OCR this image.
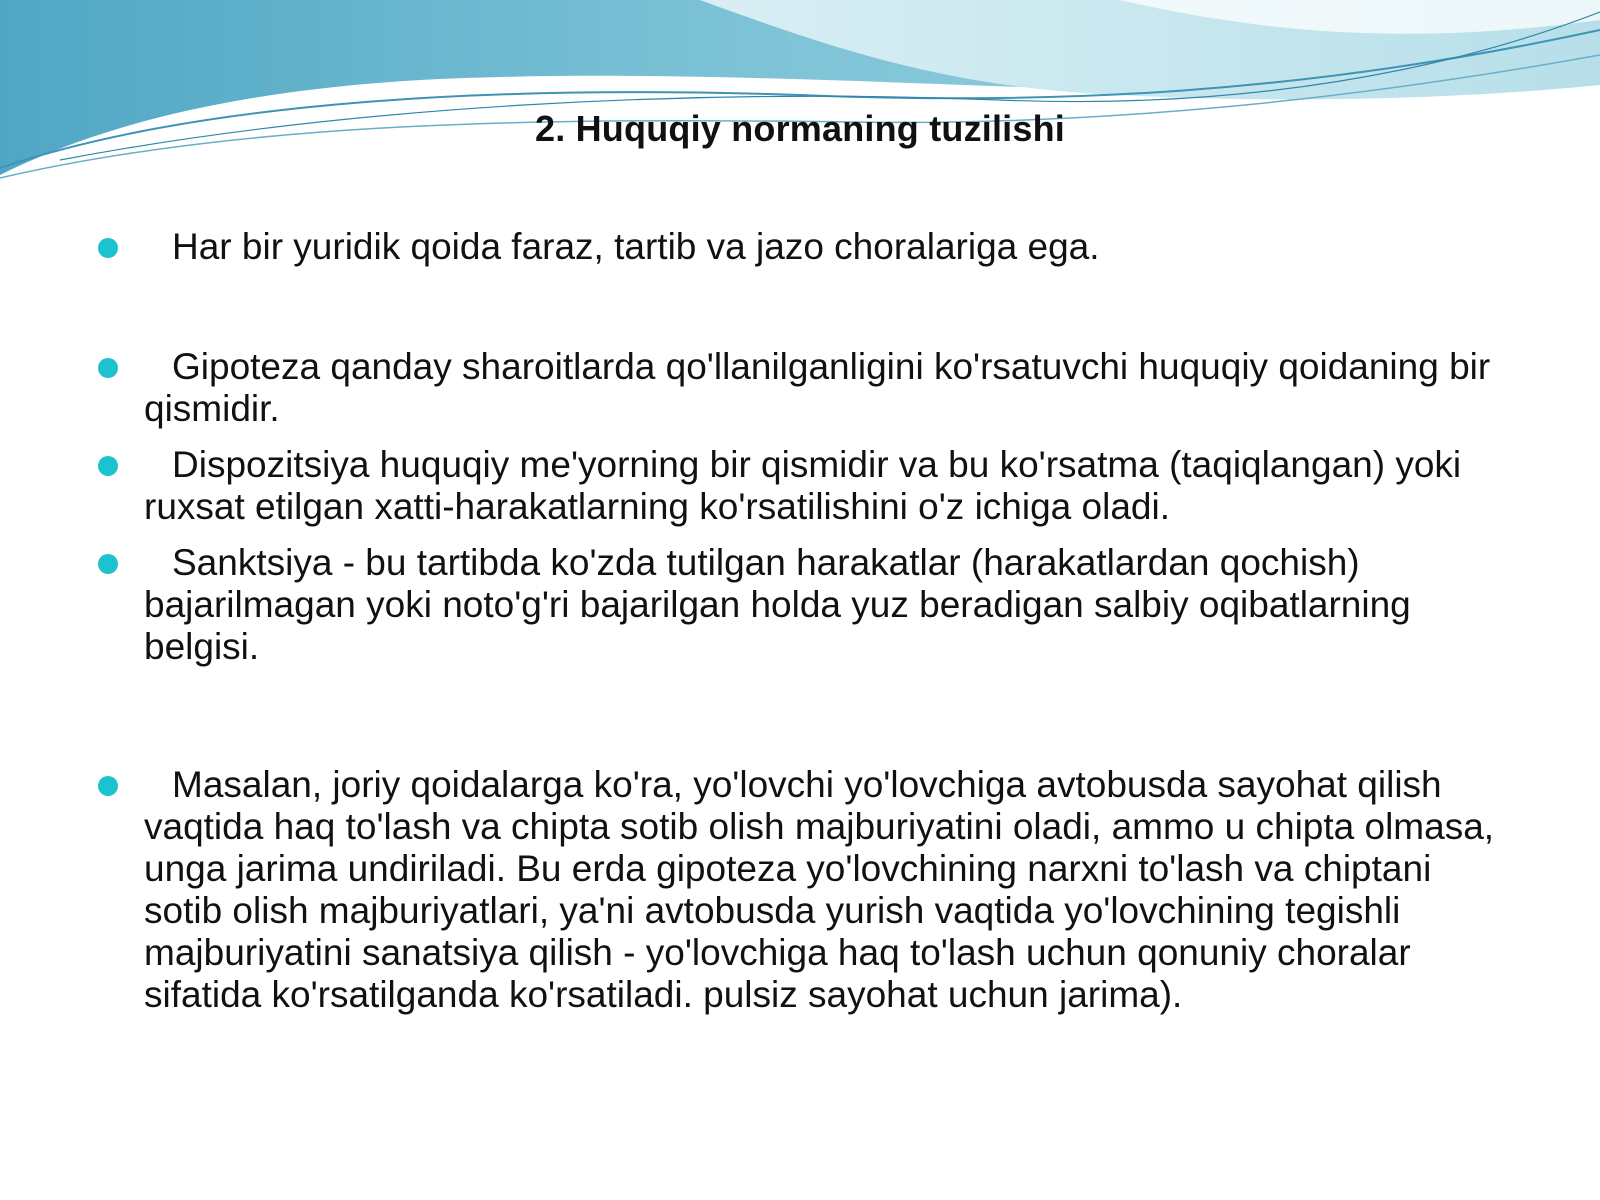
2. Huquqiy normaning tuzilishi
Har bir yuridik qoida faraz, tartib va jazo choralariga ega.
Gipoteza qanday sharoitlarda qo'llanilganligini ko'rsatuvchi huquqiy qoidaning bir qismidir.
Dispozitsiya huquqiy me'yorning bir qismidir va bu ko'rsatma (taqiqlangan) yoki ruxsat etilgan xatti-harakatlarning ko'rsatilishini o'z ichiga oladi.
Sanktsiya - bu tartibda ko'zda tutilgan harakatlar (harakatlardan qochish) bajarilmagan yoki noto'g'ri bajarilgan holda yuz beradigan salbiy oqibatlarning belgisi.
Masalan, joriy qoidalarga ko'ra, yo'lovchi yo'lovchiga avtobusda sayohat qilish vaqtida haq to'lash va chipta sotib olish majburiyatini oladi, ammo u chipta olmasa, unga jarima undiriladi. Bu erda gipoteza yo'lovchining narxni to'lash va chiptani sotib olish majburiyatlari, ya'ni avtobusda yurish vaqtida yo'lovchining tegishli majburiyatini sanatsiya qilish - yo'lovchiga haq to'lash uchun qonuniy choralar sifatida ko'rsatilganda ko'rsatiladi. pulsiz sayohat uchun jarima).
